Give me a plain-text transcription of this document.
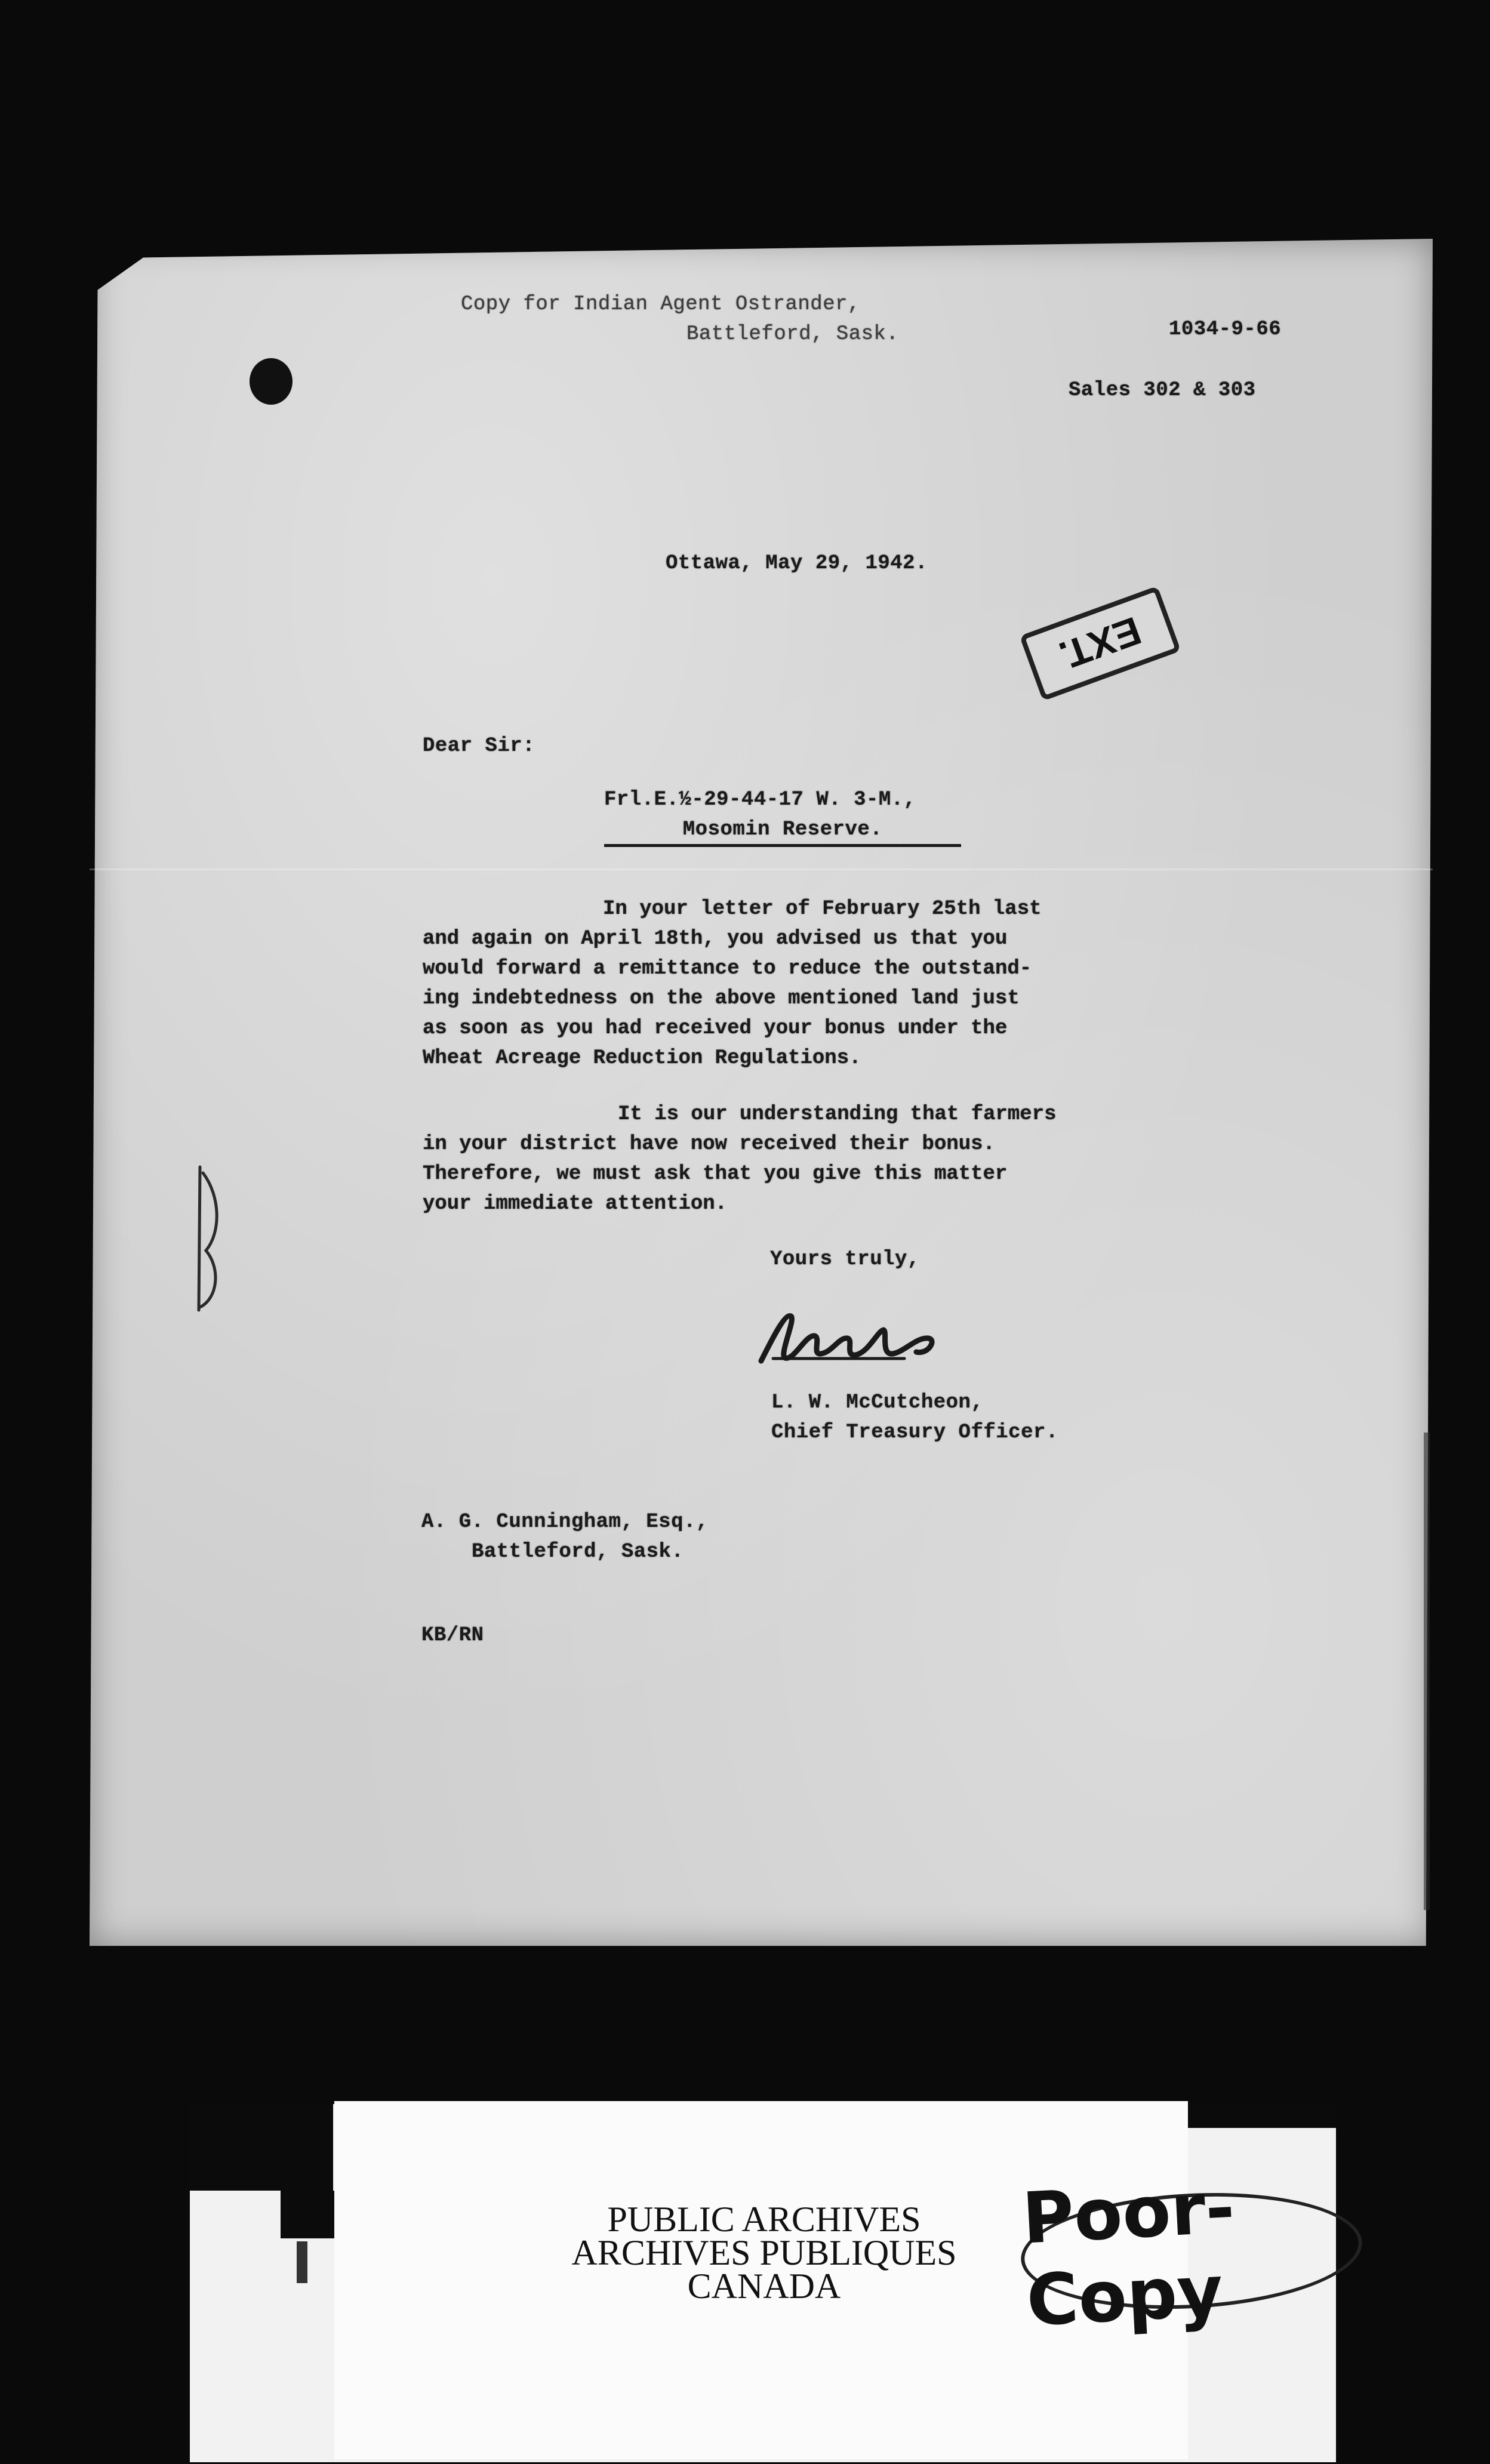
Copy for Indian Agent Ostrander,
Battleford, Sask.	1034-9-66
Sales 302 & 303
Ottawa, May 29, 1942.
EXT.
Dear Sir:
Frl.E.½-29-44-17 W. 3-M.,
Mosomin Reserve.
In your letter of February 25th last
and again on April 18th, you advised us that you
would forward a remittance to reduce the outstand-
ing indebtedness on the above mentioned land just
as soon as you had received your bonus under the
Wheat Acreage Reduction Regulations.
It is our understanding that farmers
in your district have now received their bonus.
Therefore, we must ask that you give this matter
your immediate attention.
Yours truly,
L. W. McCutcheon,
Chief Treasury Officer.
A. G. Cunningham, Esq.,
Battleford, Sask.
KB/RN
PUBLIC ARCHIVES
ARCHIVES PUBLIQUES
CANADA
Poor-Copy
